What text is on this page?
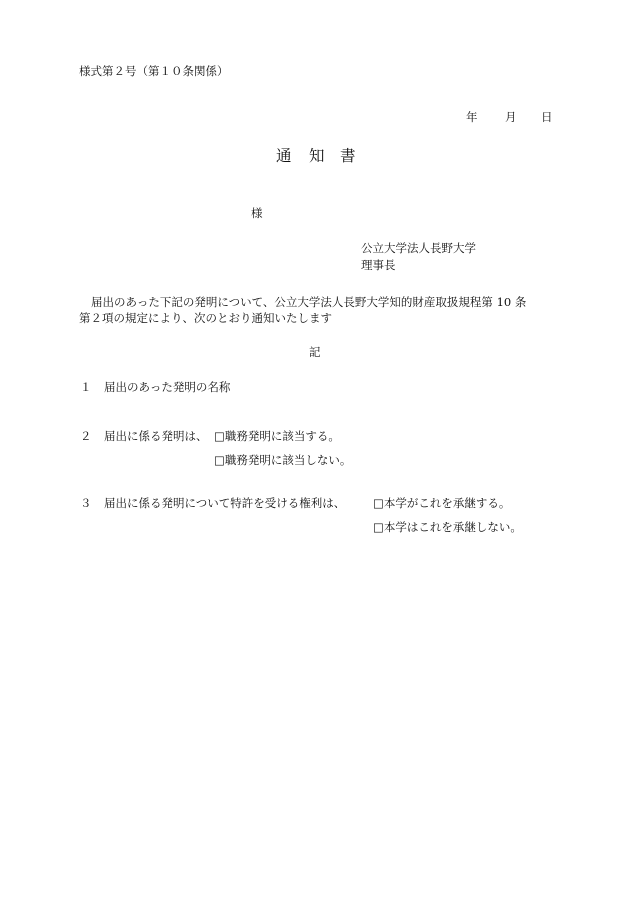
様式第２号（第１０条関係）
年 月 日
通 知 書
様
公立大学法人長野大学
理事長
届出のあった下記の発明について、公立大学法人長野大学知的財産取扱規程第 10 条
第２項の規定により、次のとおり通知いたします
記
１ 届出のあった発明の名称
２ 届出に係る発明は、 □職務発明に該当する。
□職務発明に該当しない。
３ 届出に係る発明について特許を受ける権利は、 □本学がこれを承継する。
□本学はこれを承継しない。
